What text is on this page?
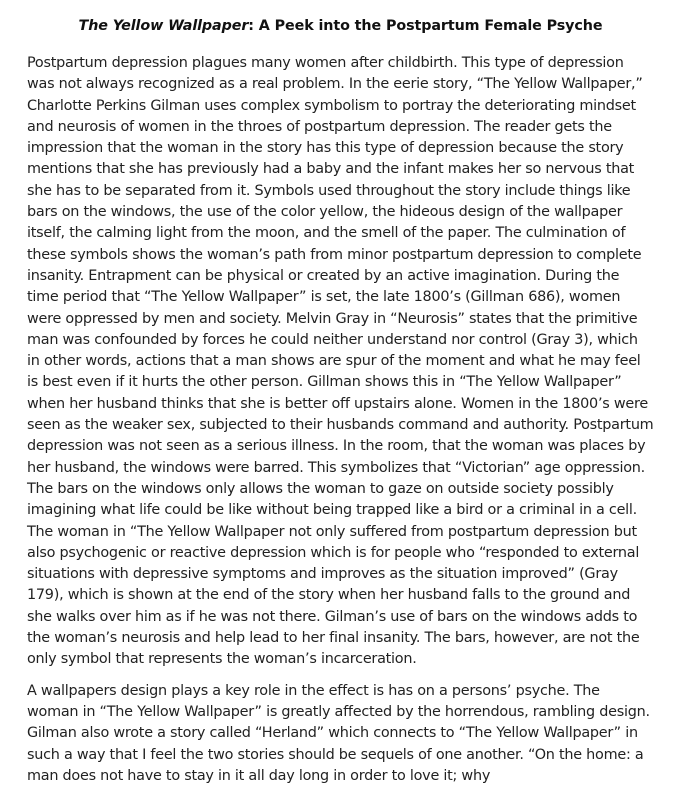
The Yellow Wallpaper: A Peek into the Postpartum Female Psyche

Postpartum depression plagues many women after childbirth. This type of depression was not always recognized as a real problem. In the eerie story, “The Yellow Wallpaper,” Charlotte Perkins Gilman uses complex symbolism to portray the deteriorating mindset and neurosis of women in the throes of postpartum depression. The reader gets the impression that the woman in the story has this type of depression because the story mentions that she has previously had a baby and the infant makes her so nervous that she has to be separated from it. Symbols used throughout the story include things like bars on the windows, the use of the color yellow, the hideous design of the wallpaper itself, the calming light from the moon, and the smell of the paper. The culmination of these symbols shows the woman’s path from minor postpartum depression to complete insanity. Entrapment can be physical or created by an active imagination. During the time period that “The Yellow Wallpaper” is set, the late 1800’s (Gillman 686), women were oppressed by men and society. Melvin Gray in “Neurosis” states that the primitive man was confounded by forces he could neither understand nor control (Gray 3), which in other words, actions that a man shows are spur of the moment and what he may feel is best even if it hurts the other person. Gillman shows this in “The Yellow Wallpaper” when her husband thinks that she is better off upstairs alone. Women in the 1800’s were seen as the weaker sex, subjected to their husbands command and authority. Postpartum depression was not seen as a serious illness. In the room, that the woman was places by her husband, the windows were barred. This symbolizes that “Victorian” age oppression. The bars on the windows only allows the woman to gaze on outside society possibly imagining what life could be like without being trapped like a bird or a criminal in a cell. The woman in “The Yellow Wallpaper not only suffered from postpartum depression but also psychogenic or reactive depression which is for people who “responded to external situations with depressive symptoms and improves as the situation improved” (Gray 179), which is shown at the end of the story when her husband falls to the ground and she walks over him as if he was not there. Gilman’s use of bars on the windows adds to the woman’s neurosis and help lead to her final insanity. The bars, however, are not the only symbol that represents the woman’s incarceration.

A wallpapers design plays a key role in the effect is has on a persons’ psyche. The woman in “The Yellow Wallpaper” is greatly affected by the horrendous, rambling design. Gilman also wrote a story called “Herland” which connects to “The Yellow Wallpaper” in such a way that I feel the two stories should be sequels of one another. “On the home: a man does not have to stay in it all day long in order to love it; why
